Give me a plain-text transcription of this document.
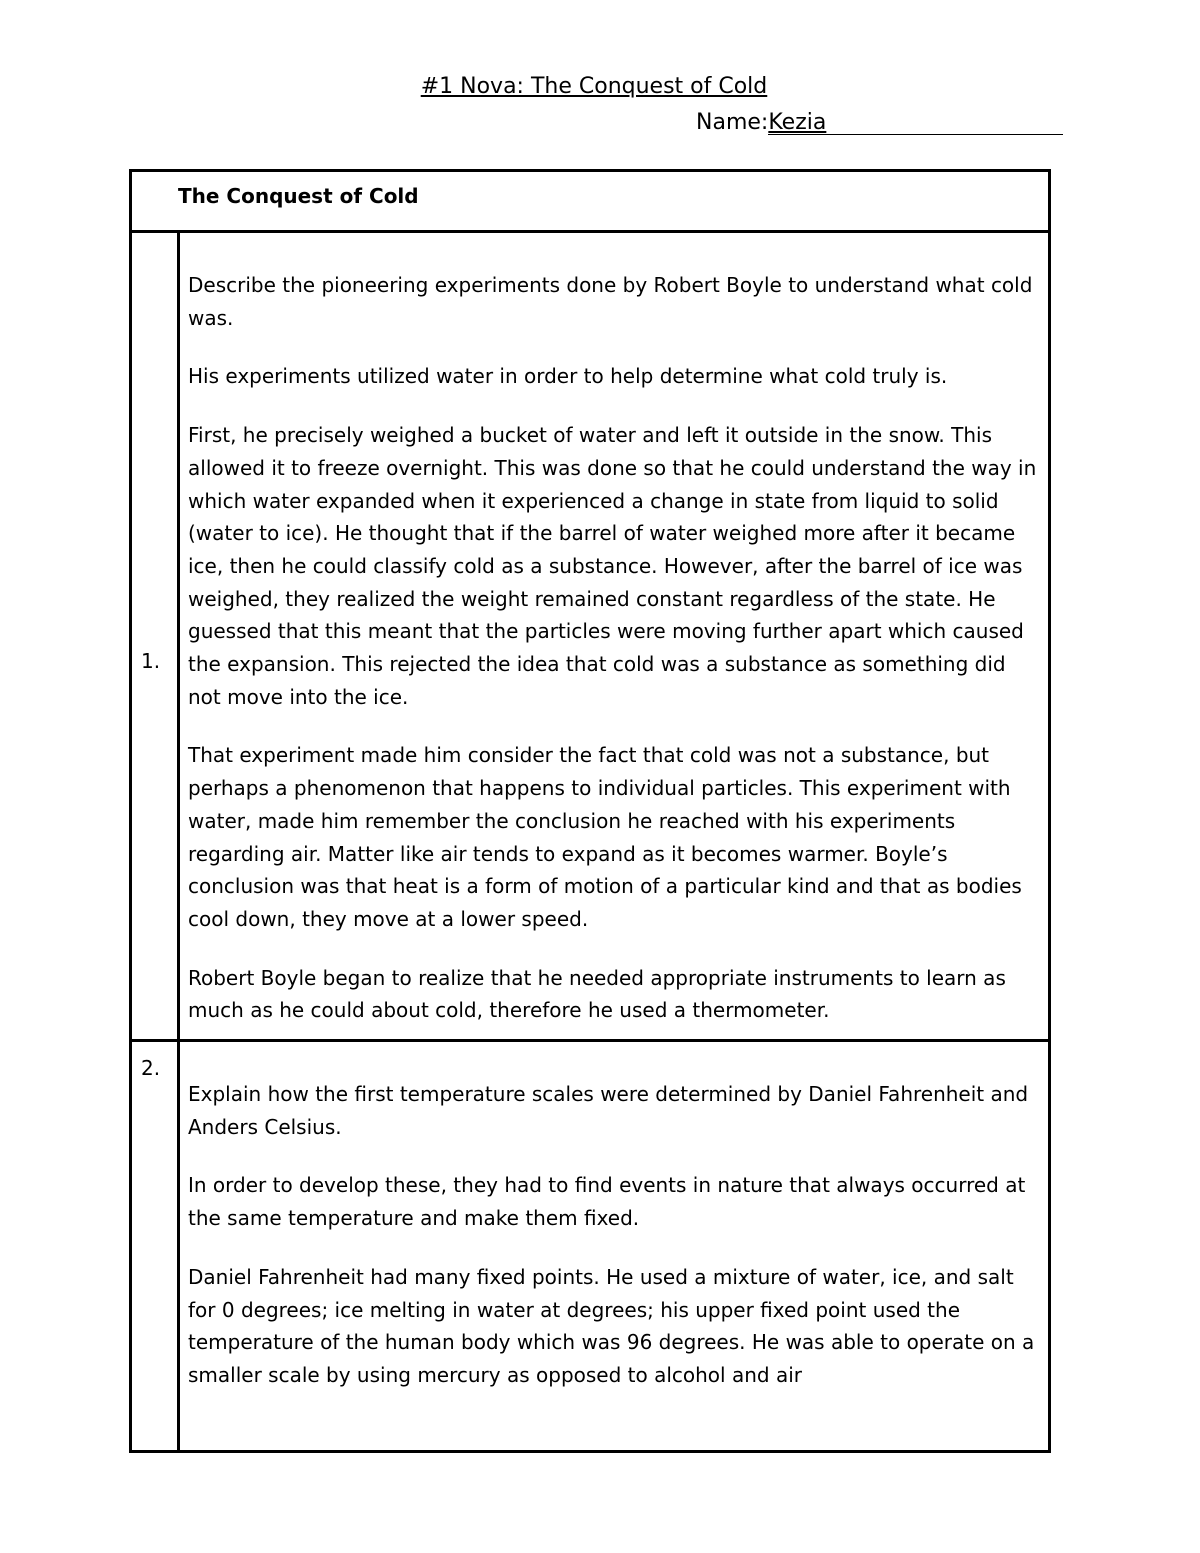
#1 Nova: The Conquest of Cold
Name:Kezia
The Conquest of Cold	
1.	Describe the pioneering experiments done by Robert Boyle to understand what cold was.

His experiments utilized water in order to help determine what cold truly is.

First, he precisely weighed a bucket of water and left it outside in the snow. This allowed it to freeze overnight. This was done so that he could understand the way in which water expanded when it experienced a change in state from liquid to solid (water to ice). He thought that if the barrel of water weighed more after it became ice, then he could classify cold as a substance. However, after the barrel of ice was weighed, they realized the weight remained constant regardless of the state. He guessed that this meant that the particles were moving further apart which caused the expansion. This rejected the idea that cold was a substance as something did not move into the ice.

That experiment made him consider the fact that cold was not a substance, but perhaps a phenomenon that happens to individual particles. This experiment with water, made him remember the conclusion he reached with his experiments regarding air. Matter like air tends to expand as it becomes warmer. Boyle’s conclusion was that heat is a form of motion of a particular kind and that as bodies cool down, they move at a lower speed.

Robert Boyle began to realize that he needed appropriate instruments to learn as much as he could about cold, therefore he used a thermometer.

2.	Explain how the first temperature scales were determined by Daniel Fahrenheit and Anders Celsius.

In order to develop these, they had to find events in nature that always occurred at the same temperature and make them fixed.

Daniel Fahrenheit had many fixed points. He used a mixture of water, ice, and salt for 0 degrees; ice melting in water at degrees; his upper fixed point used the temperature of the human body which was 96 degrees. He was able to operate on a smaller scale by using mercury as opposed to alcohol and air
